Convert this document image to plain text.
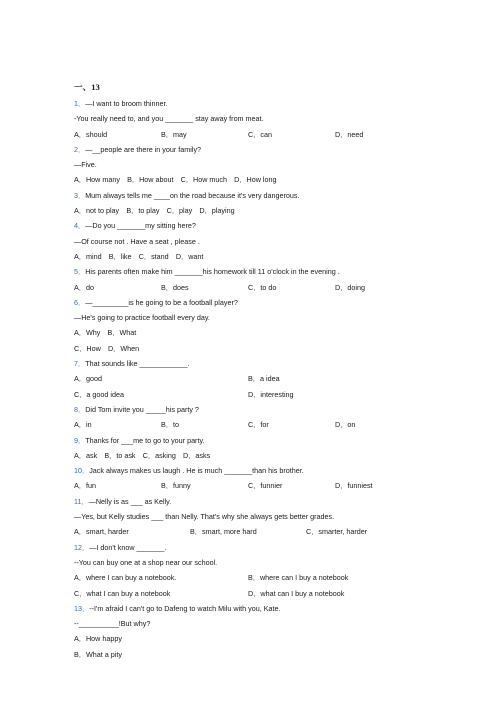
一、13
1．—I want to broom thinner.
-You really need to, and you _______ stay away from meat.
A．should	B．may	C．can	D．need
2．—__people are there in your family?
—Five.
A．How many　B．How about　C．How much　D．How long
3．Mum always tells me ____on the road because it's very dangerous.
A．not to play　B．to play　C．play　D．playing
4．—Do you _______my sitting here?
—Of course not . Have a seat , please .
A．mind　B．like　C．stand　D．want
5．His parents often make him _______his homework till 11 o'clock in the evening .
A．do	B．does	C．to do	D．doing
6．—_________is he going to be a football player?
—He's going to practice football every day.
A．Why　B．What
C．How　D．When
7．That sounds like ____________.
A．good	B．a idea
C．a good idea	D．interesting
8．Did Tom invite you _____his party ?
A．in	B．to	C．for	D．on
9．Thanks for ___me to go to your party.
A．ask　B．to ask　C．asking　D．asks
10．Jack always makes us laugh . He is much _______than his brother.
A．fun	B．funny	C．funnier	D．funniest
11．—Nelly is as ___ as Kelly.
—Yes, but Kelly studies ___ than Nelly. That's why she always gets better grades.
A．smart, harder	B．smart, more hard	C．smarter, harder
12．—I don't know _______.
--You can buy one at a shop near our school.
A．where I can buy a notebook.	B．where can I buy a notebook
C．what I can buy a notebook	D．what can I buy a notebook
13．--I'm afraid I can't go to Dafeng to watch Milu with you, Kate.
--__________!But why?
A．How happy
B．What a pity
